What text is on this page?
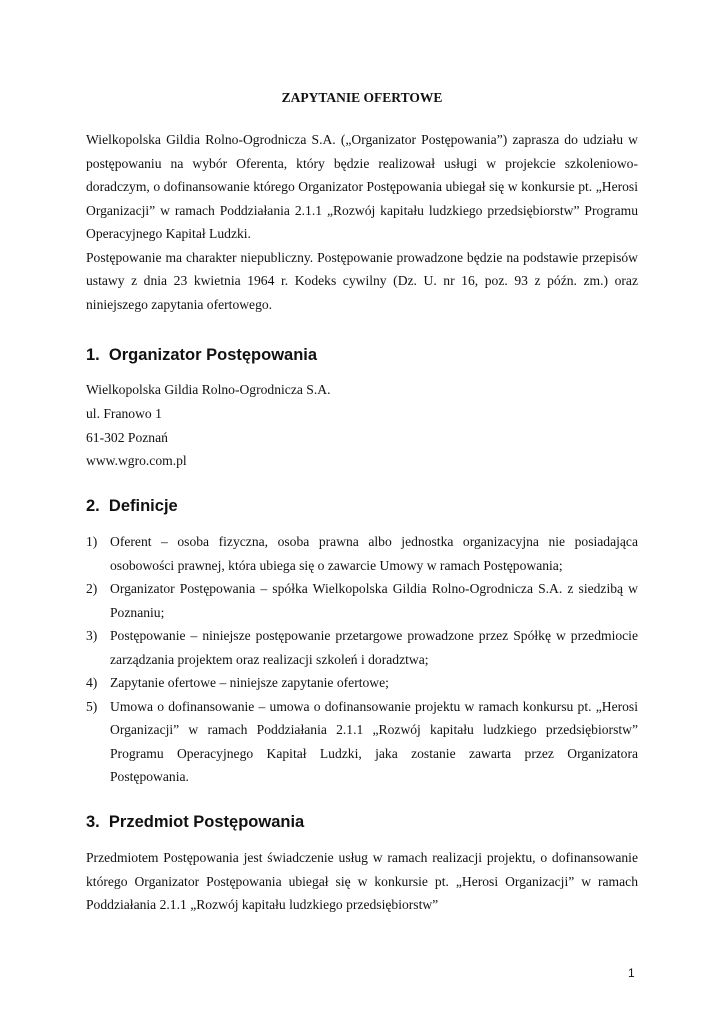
ZAPYTANIE OFERTOWE

Wielkopolska Gildia Rolno-Ogrodnicza S.A. („Organizator Postępowania”) zaprasza do udziału w postępowaniu na wybór Oferenta, który będzie realizował usługi w projekcie szkoleniowo-doradczym, o dofinansowanie którego Organizator Postępowania ubiegał się w konkursie pt. „Herosi Organizacji” w ramach Poddziałania 2.1.1 „Rozwój kapitału ludzkiego przedsiębiorstw” Programu Operacyjnego Kapitał Ludzki.

Postępowanie ma charakter niepubliczny. Postępowanie prowadzone będzie na podstawie przepisów ustawy z dnia 23 kwietnia 1964 r. Kodeks cywilny (Dz. U. nr 16, poz. 93 z późn. zm.) oraz niniejszego zapytania ofertowego.

1.  Organizator Postępowania
Wielkopolska Gildia Rolno-Ogrodnicza S.A.
ul. Franowo 1
61-302 Poznań
www.wgro.com.pl
2.  Definicje
1) Oferent – osoba fizyczna, osoba prawna albo jednostka organizacyjna nie posiadająca osobowości prawnej, która ubiega się o zawarcie Umowy w ramach Postępowania;
2) Organizator Postępowania – spółka Wielkopolska Gildia Rolno-Ogrodnicza S.A. z siedzibą w Poznaniu;
3) Postępowanie – niniejsze postępowanie przetargowe prowadzone przez Spółkę w przedmiocie zarządzania projektem oraz realizacji szkoleń i doradztwa;
4) Zapytanie ofertowe – niniejsze zapytanie ofertowe;
5) Umowa o dofinansowanie – umowa o dofinansowanie projektu w ramach konkursu pt. „Herosi Organizacji” w ramach Poddziałania 2.1.1 „Rozwój kapitału ludzkiego przedsiębiorstw” Programu Operacyjnego Kapitał Ludzki, jaka zostanie zawarta przez Organizatora Postępowania.
3.  Przedmiot Postępowania

Przedmiotem Postępowania jest świadczenie usług w ramach realizacji projektu, o dofinansowanie którego Organizator Postępowania ubiegał się w konkursie pt. „Herosi Organizacji” w ramach Poddziałania 2.1.1 „Rozwój kapitału ludzkiego przedsiębiorstw”

1
